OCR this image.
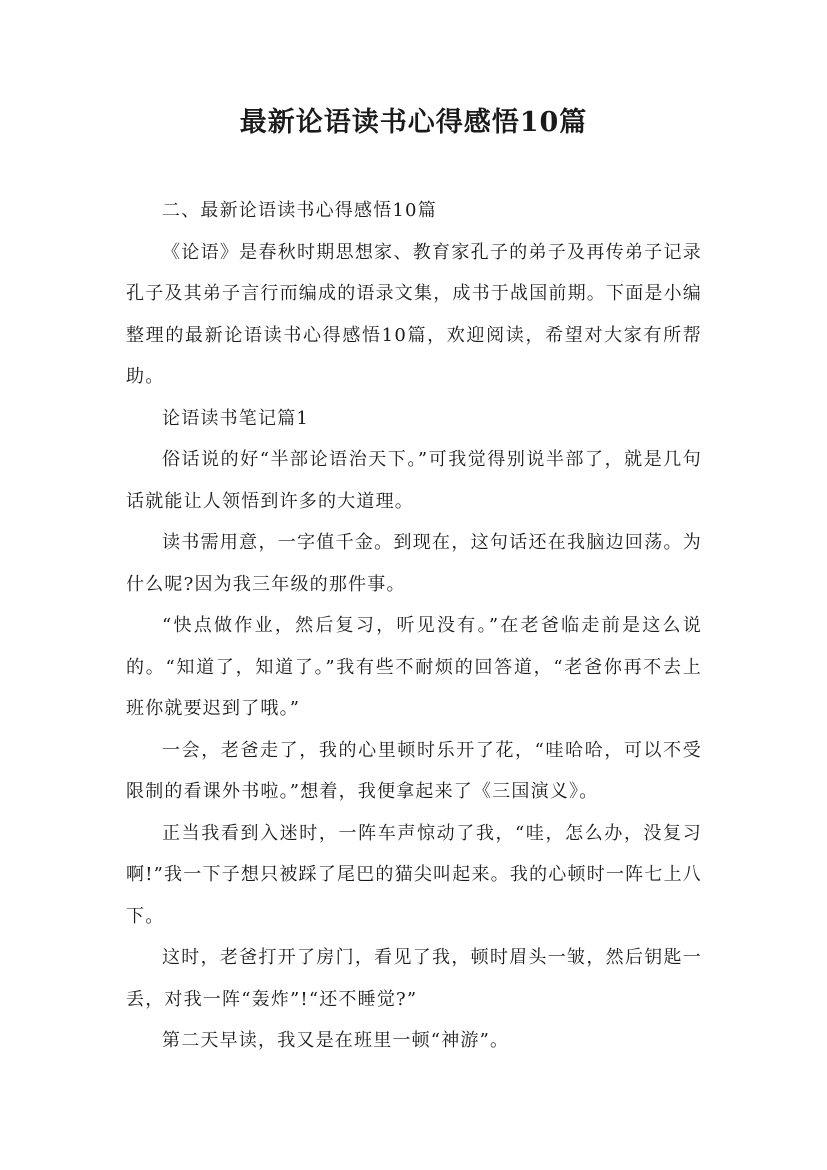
最新论语读书心得感悟10篇

二、最新论语读书心得感悟10篇

《论语》是春秋时期思想家、教育家孔子的弟子及再传弟子记录孔子及其弟子言行而编成的语录文集，成书于战国前期。下面是小编整理的最新论语读书心得感悟10篇，欢迎阅读，希望对大家有所帮助。

论语读书笔记篇1

俗话说的好“半部论语治天下。”可我觉得别说半部了，就是几句话就能让人领悟到许多的大道理。

读书需用意，一字值千金。到现在，这句话还在我脑边回荡。为什么呢?因为我三年级的那件事。

“快点做作业，然后复习，听见没有。”在老爸临走前是这么说的。“知道了，知道了。”我有些不耐烦的回答道，“老爸你再不去上班你就要迟到了哦。”

一会，老爸走了，我的心里顿时乐开了花，“哇哈哈，可以不受限制的看课外书啦。”想着，我便拿起来了《三国演义》。

正当我看到入迷时，一阵车声惊动了我，“哇，怎么办，没复习啊!”我一下子想只被踩了尾巴的猫尖叫起来。我的心顿时一阵七上八下。

这时，老爸打开了房门，看见了我，顿时眉头一皱，然后钥匙一丢，对我一阵“轰炸”!“还不睡觉?”

第二天早读，我又是在班里一顿“神游”。
